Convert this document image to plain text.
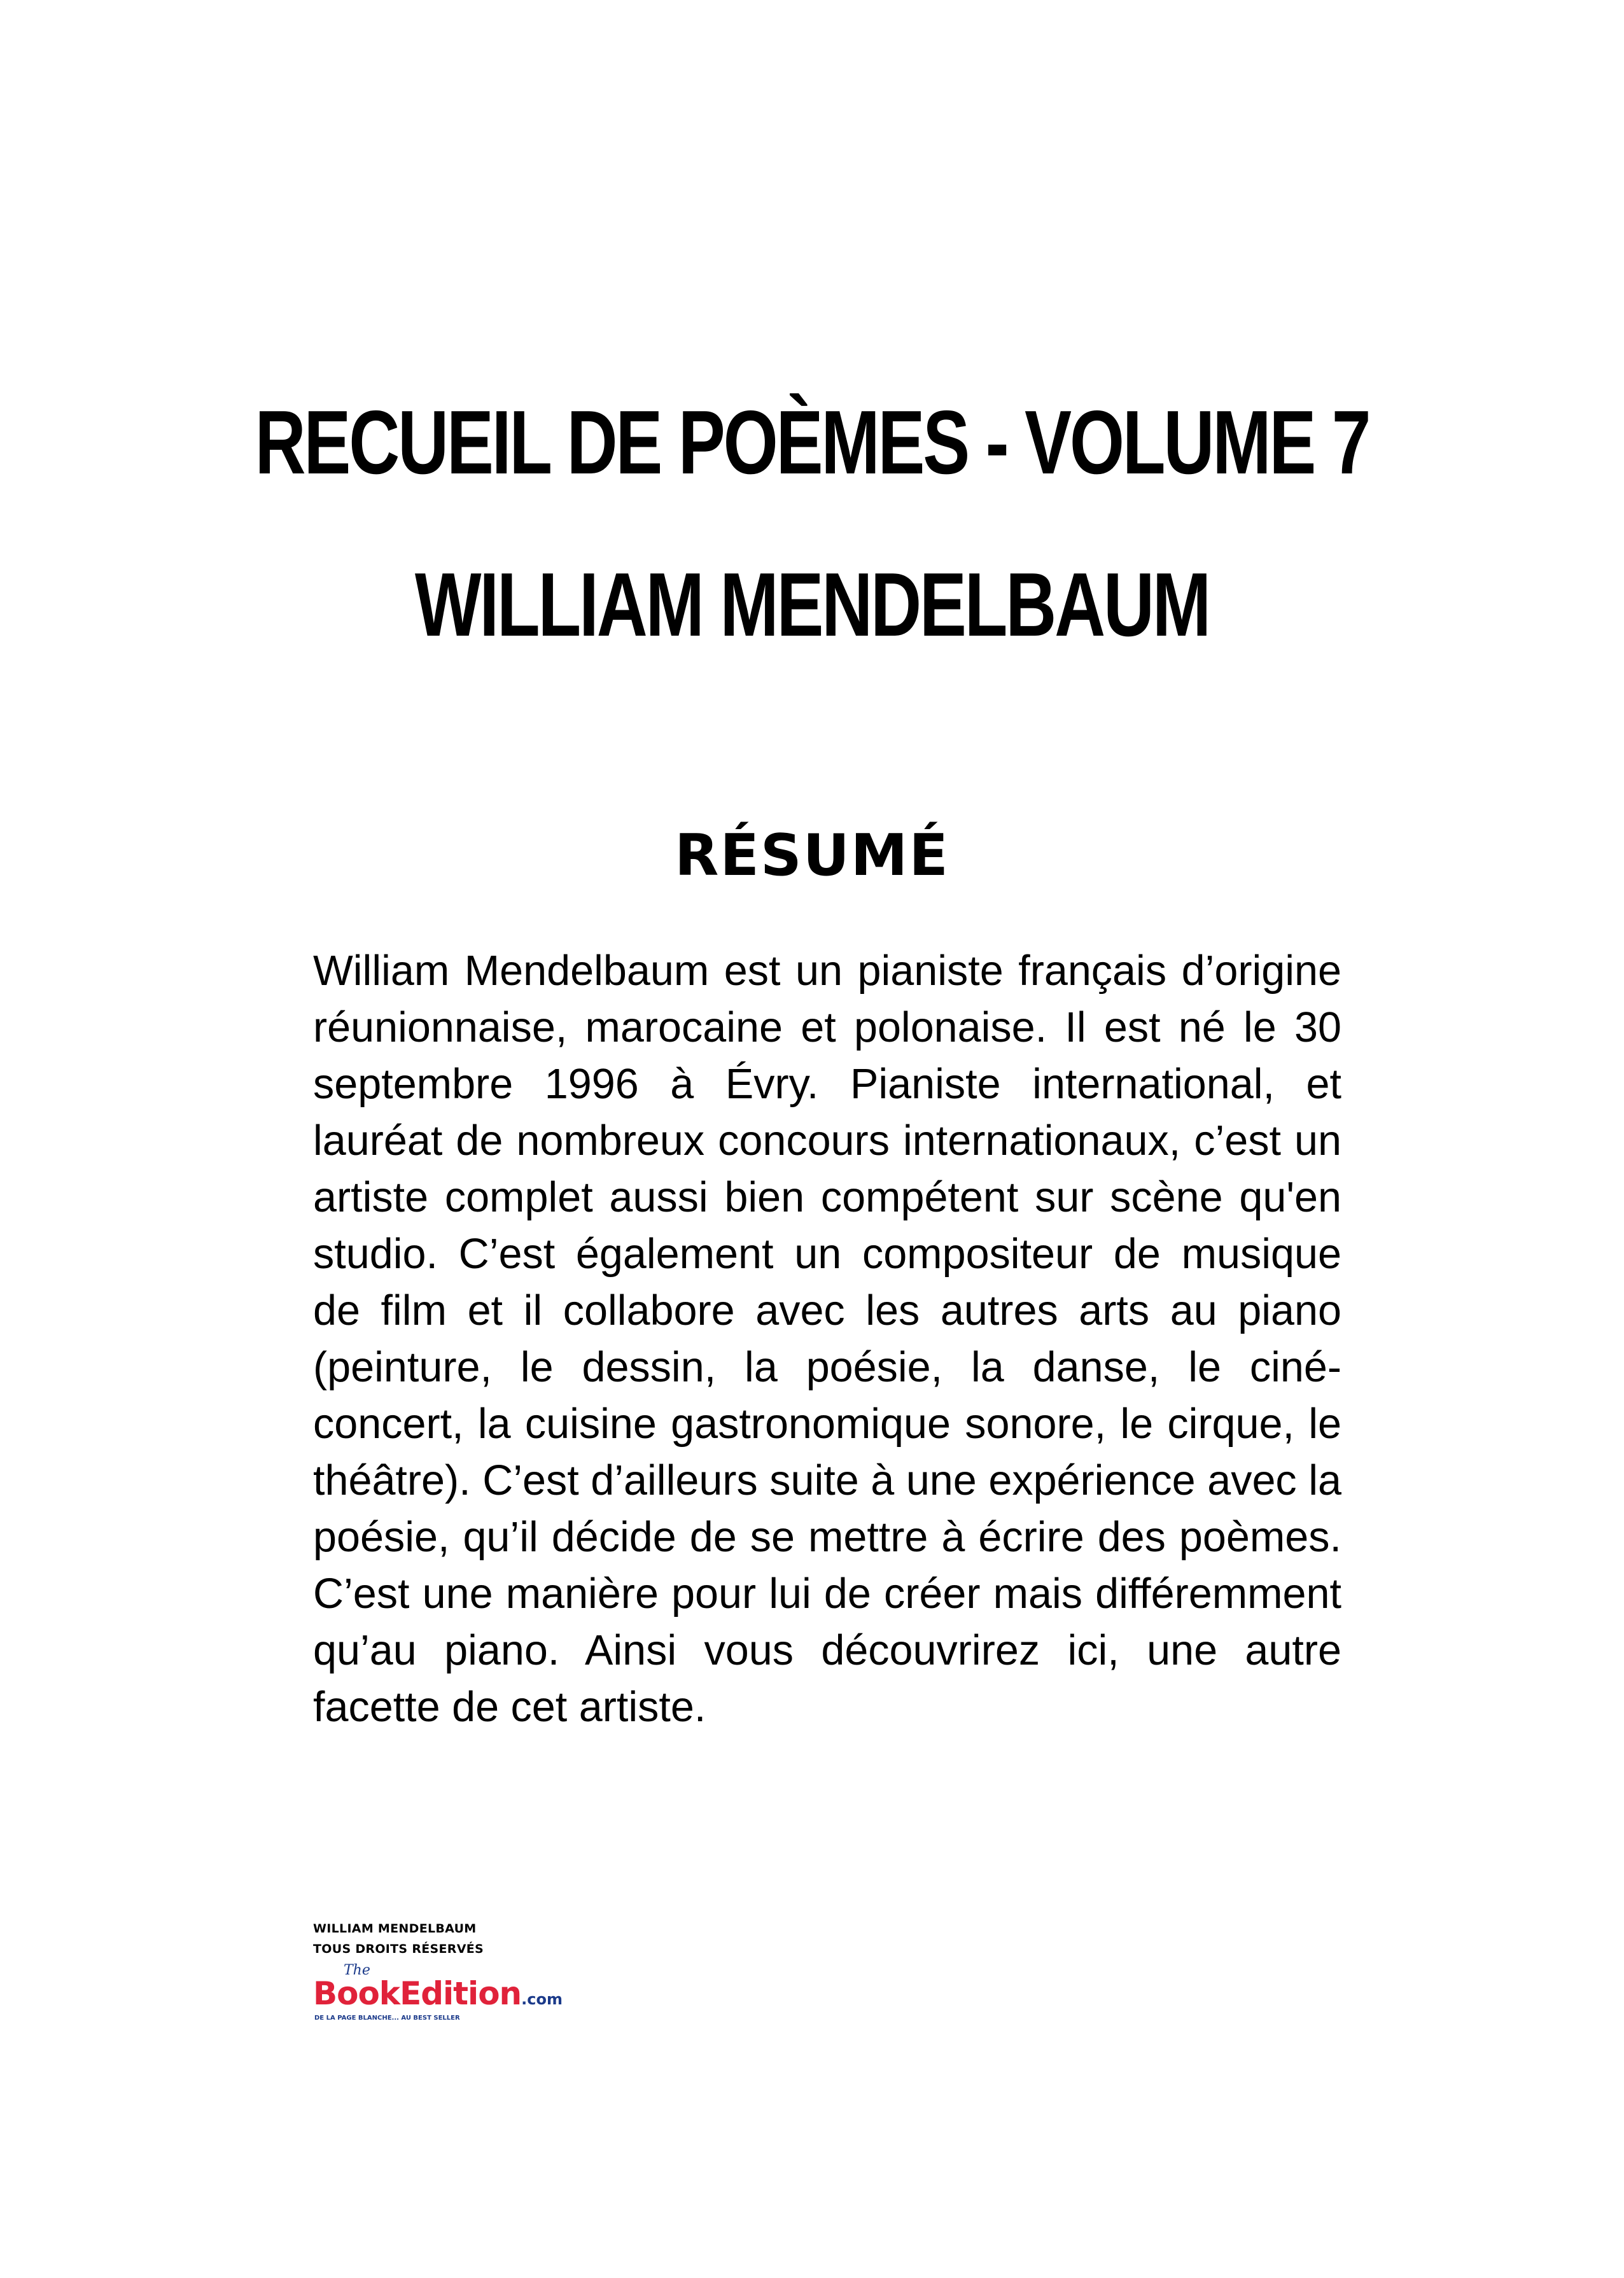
RECUEIL DE POÈMES - VOLUME 7
WILLIAM MENDELBAUM
RÉSUMÉ

William Mendelbaum est un pianiste français d’origine réunionnaise, marocaine et polonaise. Il est né le 30 septembre 1996 à Évry. Pianiste international, et lauréat de nombreux concours internationaux, c’est un artiste complet aussi bien compétent sur scène qu'en studio. C’est également un compositeur de musique de film et il collabore avec les autres arts au piano (peinture, le dessin, la poésie, la danse, le ciné-concert, la cuisine gastronomique sonore, le cirque, le théâtre). C’est d’ailleurs suite à une expérience avec la poésie, qu’il décide de se mettre à écrire des poèmes. C’est une manière pour lui de créer mais différemment qu’au piano. Ainsi vous découvrirez ici, une autre facette de cet artiste.

WILLIAM MENDELBAUM
TOUS DROITS RÉSERVÉS
The
BookEdition.com
DE LA PAGE BLANCHE... AU BEST SELLER
